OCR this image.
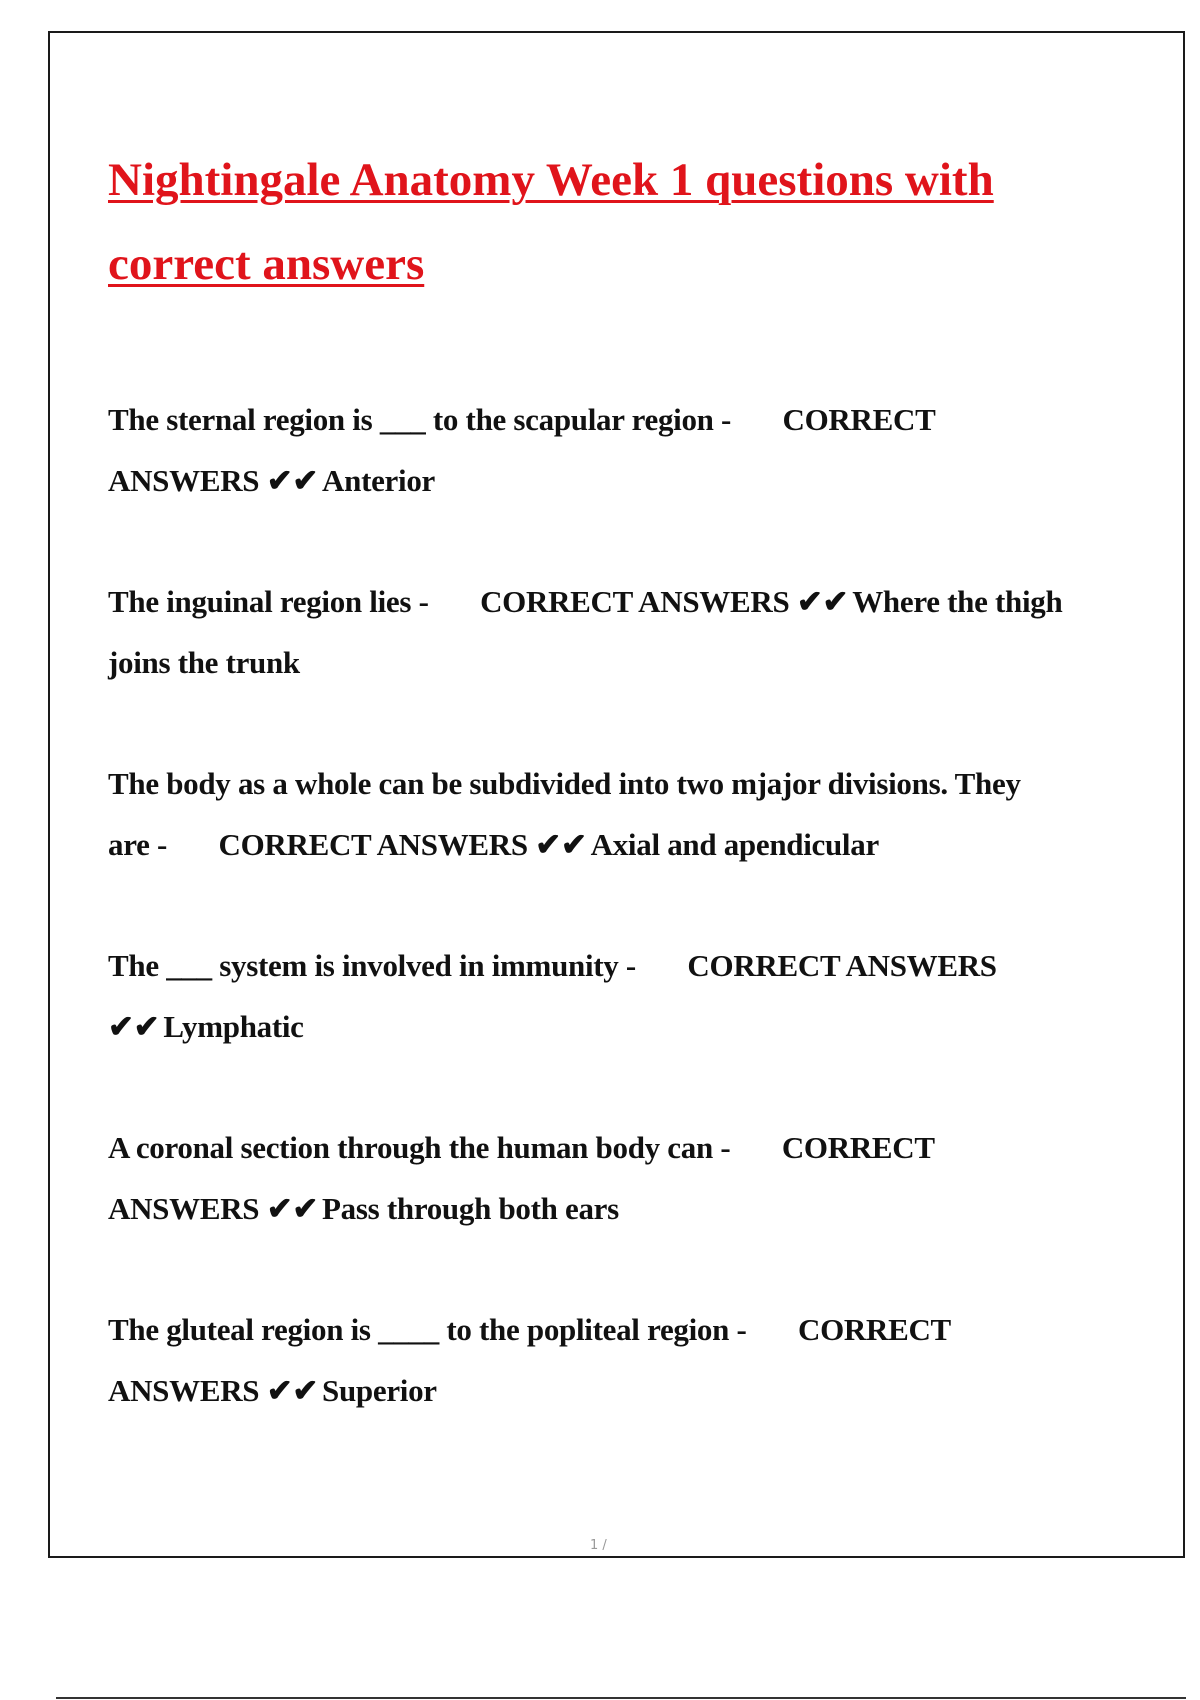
Nightingale Anatomy Week 1 questions with correct answers
The sternal region is ___ to the scapular region - CORRECT ANSWERS ✔✔ Anterior
The inguinal region lies - CORRECT ANSWERS ✔✔ Where the thigh joins the trunk
The body as a whole can be subdivided into two mjajor divisions. They are - CORRECT ANSWERS ✔✔ Axial and apendicular
The ___ system is involved in immunity - CORRECT ANSWERS ✔✔ Lymphatic
A coronal section through the human body can - CORRECT ANSWERS ✔✔ Pass through both ears
The gluteal region is ____ to the popliteal region - CORRECT ANSWERS ✔✔ Superior
1 /
